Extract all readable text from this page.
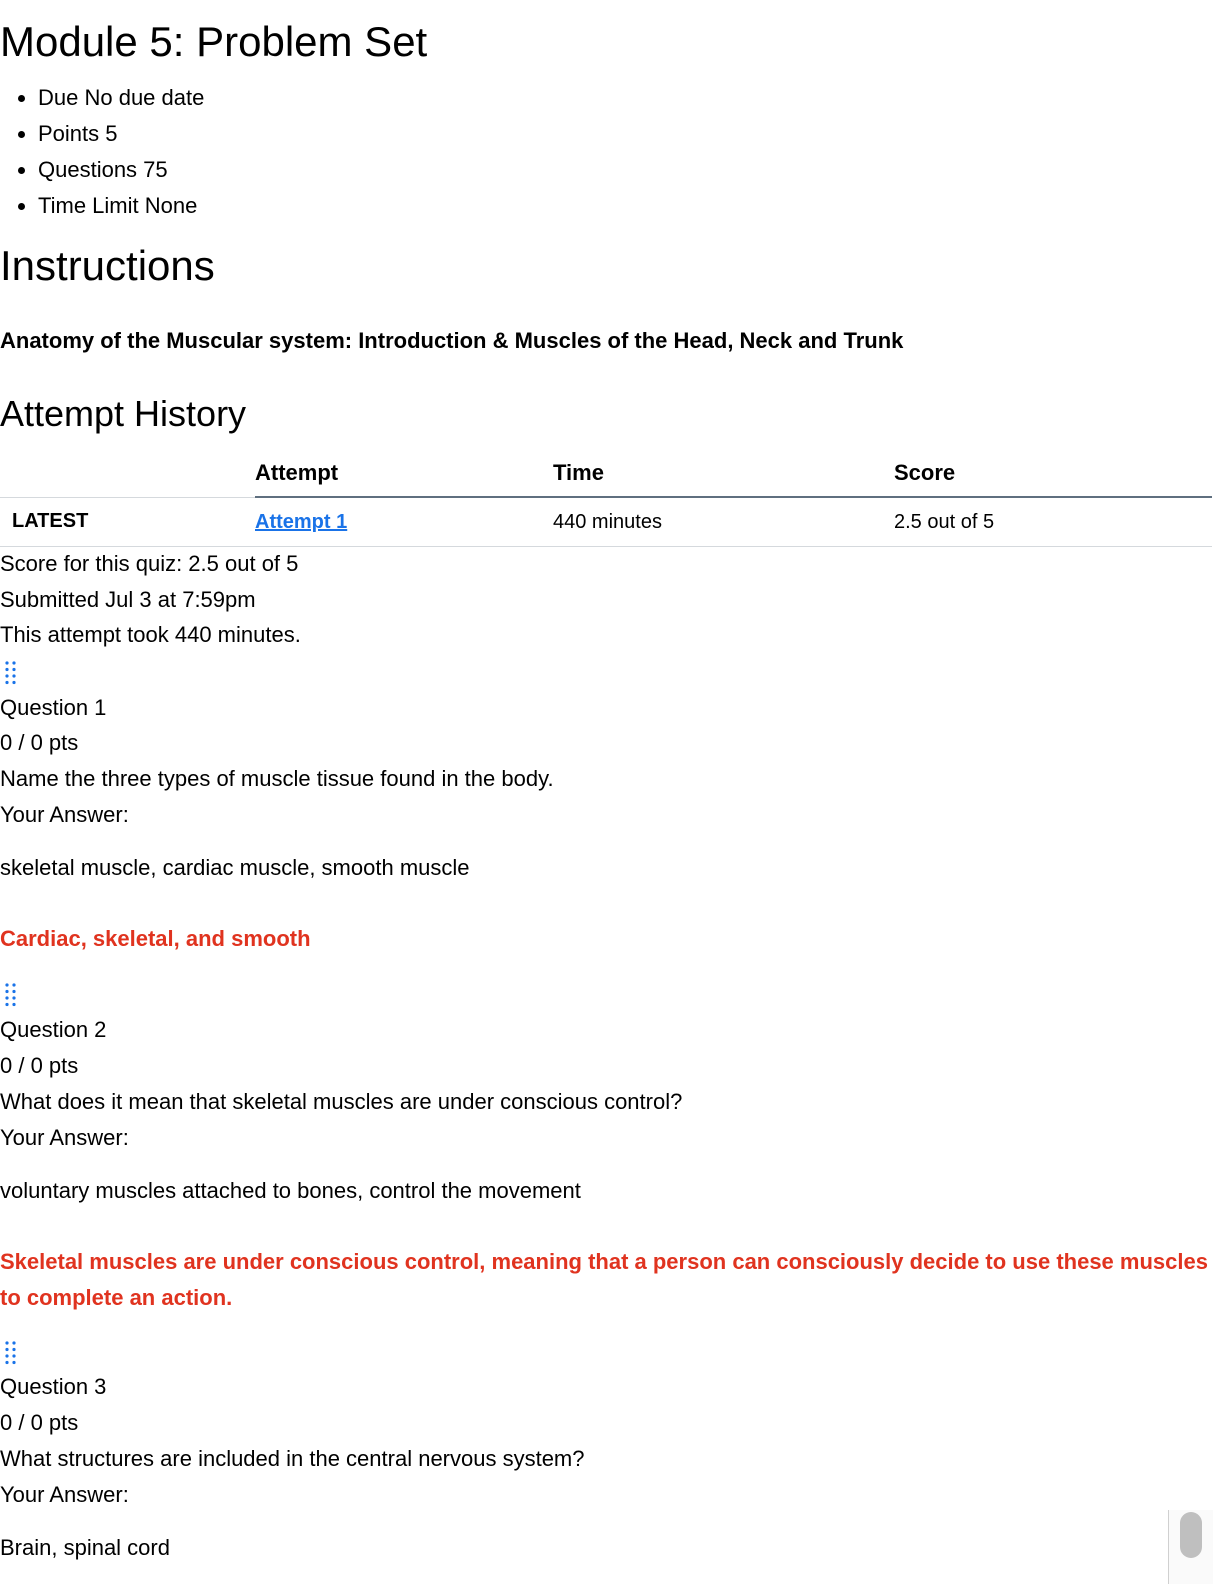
Module 5: Problem Set
• Due No due date
• Points 5
• Questions 75
• Time Limit None
Instructions
Anatomy of the Muscular system: Introduction & Muscles of the Head, Neck and Trunk
Attempt History
	Attempt	Time	Score
LATEST	Attempt 1	440 minutes	2.5 out of 5
Score for this quiz: 2.5 out of 5
Submitted Jul 3 at 7:59pm
This attempt took 440 minutes.
Question 1
0 / 0 pts
Name the three types of muscle tissue found in the body.
Your Answer:
skeletal muscle, cardiac muscle, smooth muscle
Cardiac, skeletal, and smooth
Question 2
0 / 0 pts
What does it mean that skeletal muscles are under conscious control?
Your Answer:
voluntary muscles attached to bones, control the movement
Skeletal muscles are under conscious control, meaning that a person can consciously decide to use these muscles to complete an action.
Question 3
0 / 0 pts
What structures are included in the central nervous system?
Your Answer:
Brain, spinal cord
